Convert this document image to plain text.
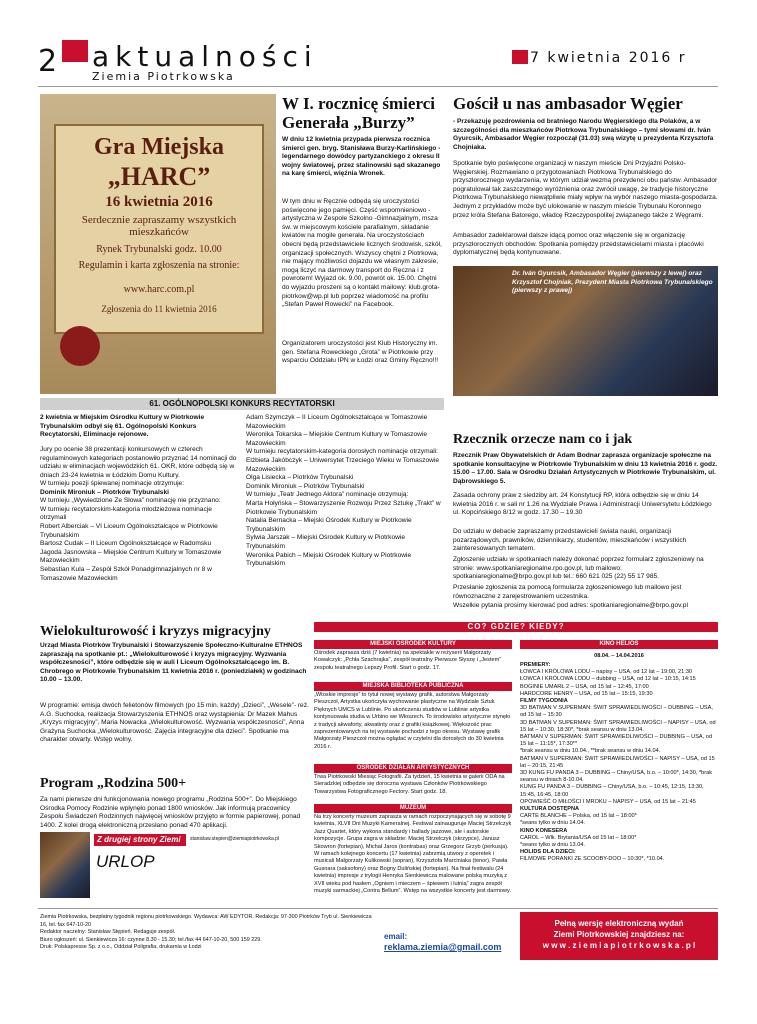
2 aktualności
Ziemia Piotrkowska
7 kwietnia 2016 r
Gra Miejska
„HARC”
16 kwietnia 2016
Serdecznie zapraszamy wszystkich mieszkańców
Rynek Trybunalski godz. 10.00
Regulamin i karta zgłoszenia na stronie:
www.harc.com.pl
Zgłoszenia do 11 kwietnia 2016
W I. rocznicę śmierci Generała „Burzy”
W dniu 12 kwietnia przypada pierwsza rocznica śmierci gen. bryg. Stanisława Burzy-Karlińskiego - legendarnego dowódcy partyzanckiego z okresu II wojny światowej, przez stalinowski sąd skazanego na karę śmierci, więźnia Wronek.
W tym dniu w Ręcznie odbędą się uroczystości poświęcone jego pamięci. Część wspomnieniowo -artystyczna w Zespole Szkolno -Gimnazjalnym, msza św. w miejscowym kościele parafialnym, składanie kwiatów na mogile generała. Na uroczystościach obecni będą przedstawiciele licznych środowisk, szkół, organizacji społecznych. Wszyscy chętni z Piotrkowa, nie mający możliwości dojazdu we własnym zakresie, mogą liczyć na darmowy transport do Ręczna i z powrotem! Wyjazd ok. 9.00, powrót ok. 15.00. Chętni do wyjazdu proszeni są o kontakt mailowy: klub.grota-piotrkow@wp.pl lub poprzez wiadomość na profilu „Stefan Paweł Rowecki” na Facebook.
Organizatorem uroczystości jest Klub Historyczny im. gen. Stefana Roweckiego „Grota” w Piotrkowie przy wsparciu Oddziału IPN w Łodzi oraz Gminy Ręczno!!!
Gościł u nas ambasador Węgier
- Przekazuję pozdrowienia od bratniego Narodu Węgierskiego dla Polaków, a w szczególności dla mieszkańców Piotrkowa Trybunalskiego – tymi słowami dr. Iván Gyurcsik, Ambasador Węgier rozpoczął (31.03) swą wizytę u prezydenta Krzysztofa Chojniaka.
Spotkanie było poświęcone organizacji w naszym mieście Dni Przyjaźni Polsko-Węgierskiej. Rozmawiano o przygotowaniach Piotrkowa Trybunalskiego do przyszłorocznego wydarzenia, w którym udział wezmą prezydenci obu państw. Ambasador pogratulował tak zaszczytnego wyróżnienia oraz zwrócił uwagę, że tradycje historyczne Piotrkowa Trybunalskiego niewątpliwie miały wpływ na wybór naszego miasta-gospodarza. Jednym z przykładów może być ulokowanie w naszym mieście Trybunału Koronnego przez króla Stefana Batorego, władcę Rzeczypospolitej związanego także z Węgrami.
Ambasador zadeklarował dalsze idącą pomoc oraz włączenie się w organizację przyszłorocznych obchodów. Spotkania pomiędzy przedstawicielami miasta i placówki dyplomatycznej będą kontynuowane.
Dr. Iván Gyurcsik, Ambasador Węgier (pierwszy z lewej) oraz Krzysztof Chojniak, Prezydent Miasta Piotrkowa Trybunalskiego (pierwszy z prawej)
61. OGÓLNOPOLSKI KONKURS RECYTATORSKI
2 kwietnia w Miejskim Ośrodku Kultury w Piotrkowie Trybunalskim odbył się 61. Ogólnopolski Konkurs Recytatorski, Eliminacje rejonowe.
Jury po ocenie 38 prezentacji konkursowych w czterech regulaminowych kategoriach postanowiło przyznać 14 nominacji do udziału w eliminacjach wojewódzkich 61. OKR, które odbędą się w dniach 23-24 kwietnia w Łódzkim Domu Kultury.
W turnieju poezji śpiewanej nominacje otrzymuje:
Dominik Mironiuk – Piotrków Trybunalski
W turnieju „Wywiedzione Ze Słowa” nominację nie przyznano:
W turnieju recytatorskim-kategoria młodzieżowa nominacje otrzymali
Robert Alberciak – VI Liceum Ogólnokształcące w Piotrkowie Trybunalskim
Bartosz Cudak – II Liceum Ogólnokształcące w Radomsku
Jagoda Jasnowska – Miejskie Centrum Kultury w Tomaszowie Mazowieckim
Sebastian Kula – Zespół Szkół Ponadgimnazjalnych nr 8 w Tomaszowie Mazowieckim
Adam Szymczyk – II Liceum Ogólnokształcące w Tomaszowie Mazowieckim
Weronika Tokarska – Miejskie Centrum Kultury w Tomaszowie Mazowieckim
W turnieju recytatorskim-kategoria dorosłych nominacje otrzymali:
Elżbieta Jakóbczyk – Uniwersytet Trzeciego Wieku w Tomaszowie Mazowieckim
Olga Lisiecka – Piotrków Trybunalski
Dominik Mironiuk – Piotrków Trybunalski
W turnieju „Teatr Jednego Aktora” nominacje otrzymują:
Marta Hołyńska – Stowarzyszenie Rozwoju Przez Sztukę „Trakt” w Piotrkowie Trybunalskim
Natalia Bernacka – Miejski Ośrodek Kultury w Piotrkowie Trybunalskim
Sylwia Jarszak – Miejski Ośrodek Kultury w Piotrkowie Trybunalskim
Weronika Pabich – Miejski Ośrodek Kultury w Piotrkowie Trybunalskim
Rzecznik orzecze nam co i jak
Rzecznik Praw Obywatelskich dr Adam Bodnar zaprasza organizacje społeczne na spotkanie konsultacyjne w Piotrkowie Trybunalskim w dniu 13 kwietnia 2016 r. godz. 15.00 – 17.00. Sala w Ośrodku Działań Artystycznych w Piotrkowie Trybunalskim, ul. Dąbrowskiego 5.
Zasada ochrony praw z siedziby art. 24 Konstytucji RP, która odbędzie się w dniu 14 kwietnia 2016 r. w sali nr 1.26 na Wydziale Prawa i Administracji Uniwersytetu Łódzkiego ul. Kopcińskiego 8/12 w godz. 17.30 – 19.30
Do udziału w debacie zapraszamy przedstawicieli świata nauki, organizacji pozarządowych, prawników, dziennikarzy, studentów, mieszkańców i wszystkich zainteresowanych tematem.
Zgłoszenie udziału w spotkaniach należy dokonać poprzez formularz zgłoszeniowy na stronie: www.spotkaniaregionalne.rpo.gov.pl, lub mailowo: spotkaniaregionalne@brpo.gov.pl lub tel.: 660 621 025 (22) 55 17 985.
Przesłanie zgłoszenia za pomocą formularza zgłoszeniowego lub mailowo jest równoznaczne z zarejestrowaniem uczestnika.
Wszelkie pytania prosimy kierować pod adres: spotkaniaregionalne@brpo.gov.pl
Wielokulturowość i kryzys migracyjny
Urząd Miasta Piotrków Trybunalski i Stowarzyszenie Społeczno-Kulturalne ETHNOS zapraszają na spotkanie pt.: „Wielokulturowość i kryzys migracyjny. Wyzwania współczesności”, które odbędzie się w auli I Liceum Ogólnokształcącego im. B. Chrobrego w Piotrkowie Trybunalskim 11 kwietnia 2016 r. (poniedziałek) w godzinach 10.00 – 13.00.
W programie: emisja dwóch felietonów filmowych (po 15 min. każdy) „Dzieci”, „Wesele”- reż. A.G. Suchocka, realizacja Stowarzyszenia ETHNOS oraz wystąpienia: Dr Mazek Mahus „Kryzys migracyjny”, Maria Nowacka „Wielokulturowość. Wyzwania współczesności”, Anna Grażyna Suchocka „Wielokulturowość. Zajęcia integracyjne dla dzieci”. Spotkanie ma charakter otwarty. Wstęp wolny.
Program „Rodzina 500+
Za nami pierwsze dni funkcjonowania nowego programu „Rodzina 500+”. Do Miejskiego Ośrodka Pomocy Rodzinie wpłynęło ponad 1800 wniosków. Jak informują pracownicy Zespołu Świadczeń Rodzinnych najwięcej wniosków przyjęto w formie papierowej, ponad 1400. Z kolei drogą elektroniczną przesłano ponad 470 aplikacji.
Z drugiej strony Ziemi	stanislaw.stepien@ziemiapiotrkowska.pl
URLOP
CO? GDZIE? KIEDY?
MIEJSKI OŚRODEK KULTURY
Ośrodek zaprasza dziś (7 kwietnia) na spektakle w reżyserii Małgorzaty Kowalczyk: „Pchła Szachrajka”, zespół teatralny Pierwsze Słyszę i „Jestem” zespołu teatralnego Lepszy Profil. Start o godz. 17.
MIEJSKA BIBLIOTEKA PUBLICZNA
„Wtoskie impresje” to tytuł nowej wystawy grafik, autorstwa Małgorzaty Pieszczoł, Artystka ukończyła wychowanie plastyczne na Wydziale Sztuk Pięknych UMCS w Lublinie. Po ukończeniu studiów w Lublinie artystka kontynuowała studia w Urbino we Włoszech. To środowisko artystyczne stynęło z tradycji akwaforty, akwatinty oraz z grafiki książkowej. Większość prac zaprezentowanych na tej wystawie pochodzi z tego okresu. Wystawę grafik Małgorzaty Pieszczoł można oglądać w czytelni dla dorosłych do 30 kwietnia 2016 r.
OŚRODEK DZIAŁAŃ ARTYSTYCZNYCH
Trwa Piotrkowski Miesiąc Fotografii. Za tydzień, 15 kwietnia w galerii ODA na Sieradzkiej odbędzie się doroczna wystawa Członków Piotrkowskiego Towarzystwa Fotograficznego Fectory. Start godz. 18.
MUZEUM
Na trzy koncerty muzeum zaprasza w ramach rozpoczynających się w sobotę 9 kwietnia, XLVII Dni Muzyki Kameralnej. Festiwal zainauguruje Maciej Strzelczyk Jazz Quartet, który wykona standardy i ballady jazzowe, ale i autorskie kompozycje. Grupa zagra w składzie: Maciej Strzelczyk (skrzypce), Janusz Skowron (fortepian), Michał Jaros (kontrabas) oraz Grzegorz Grzyb (perkusja). W ramach kolejnego koncertu (17 kwietnia) zabrzmią utwory z operetek i musicali Małgorzaty Kulikowski (sopran), Krzysztofa Marciniaka (tenor), Pawła Gusnara (saksofony) oraz Bogny Dulińskiej (fortepian). Na finał festiwalu (24 kwietnia) impresje z trylogii Henryka Sienkiewicza malowane polską muzyką z XVII wieku pod hasłem „Ogniem i mieczem – śpiewem i lutnią” zagra zespół muzyki sarmackiej „Contra Bellum”. Wstęp na wszystkie koncerty jest darmowy.
KINO HELIOS
08.04. – 14.04.2016
PREMIERY:
ŁOWCA I KRÓLOWA LODU – napisy – USA, od 12 lat – 19:00, 21:30
ŁOWCA I KRÓLOWA LODU – dubbing – USA, od 12 lat – 10:15, 14:15
BOGINIE UMARŁ 2 – USA, od 15 lat – 12:45, 17:00
HARDCORE HENRY – USA, od 15 lat – 15:15, 19:30
FILMY TYGODNIA
3D BATMAN V SUPERMAN: ŚWIT SPRAWIEDLIWOŚCI – DUBBING – USA, od 15 lat – 15:30
3D BATMAN V SUPERMAN: ŚWIT SPRAWIEDLIWOŚCI – NAPISY – USA, od 15 lat – 10:30, 18:30*, *brak seansu w dniu 13.04.
BATMAN V SUPERMAN: ŚWIT SPRAWIEDLIWOŚCI – DUBBING – USA, od 15 lat – 11:15*, 17:30**
*brak seansu w dniu 10.04., **brak seansu w dniu 14.04.
BATMAN V SUPERMAN: ŚWIT SPRAWIEDLIWOŚCI – NAPISY – USA, od 15 lat – 20:15, 21:45
3D KUNG FU PANDA 3 – DUBBING – Chiny/USA, b.o. – 10:00*, 14:30, *brak seansu w dniach 8-10.04.
KUNG FU PANDA 3 – DUBBING – Chiny/USA, b.o. – 10:45, 12:15, 13:30, 15:45, 16:45, 18:00
OPOWIEŚĆ O MIŁOŚCI I MROKU – NAPISY – USA, od 15 lat – 21:45
KULTURA DOSTĘPNA
CARTE BLANCHE – Polska, od 15 lat – 18:00*
*seans tylko w dniu 14.04.
KINO KONESERA
CAROL – Wlk. Brytania/USA od 15 lat – 18:00*
*seans tylko w dniu 13.04.
HOLIDS DLA DZIECI:
FILMOWE PORANKI ZE SCOOBY-DOO – 10:30*, *10.04.
Ziemia Piotrkowska, bezpłatny tygodnik regionu piotrkowskiego. Wydawca: AW EDYTOR. Redakcja: 97-300 Piotrków Tryb ul. Sienkiewicza 16, tel. fax 647-10-20
Redaktor naczelny: Stanisław Stępień. Redaguje zespół.
Biuro ogłoszeń: ul. Sienkiewicza 16: czynne 8.30 - 15.30; tel./fax 44 647-10-20, 500 159 229.
Druk: Polskapresse Sp. z o.o., Oddział Poligrafia, drukarnia w Łodzi
email:
reklama.ziemia@gmail.com
Pełną wersję elektroniczną wydań
Ziemi Piotrkowskiej znajdziesz na:
w w w . z i e m i a p i o t r k o w s k a . p l
